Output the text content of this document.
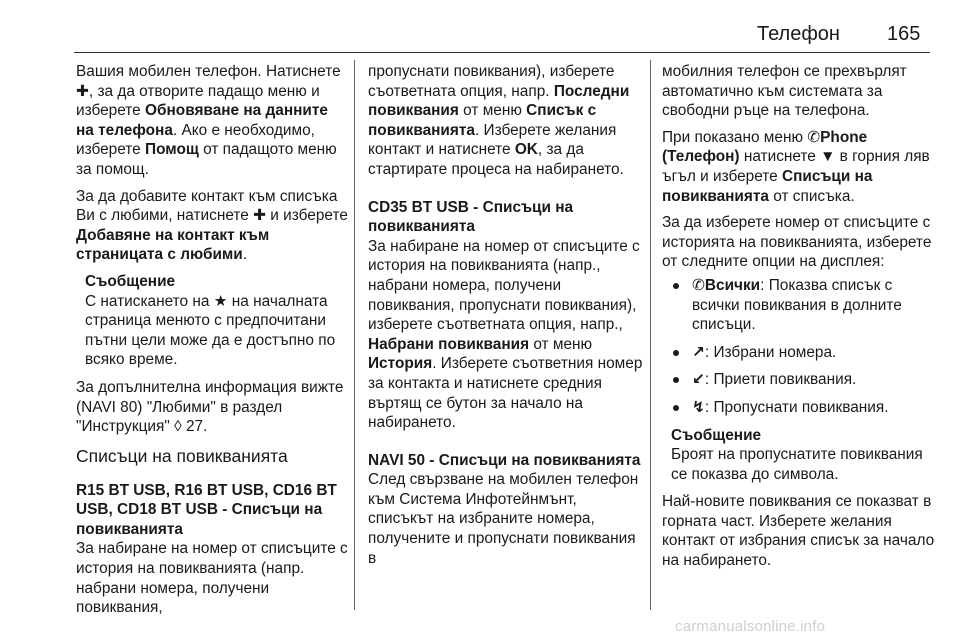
Телефон 165

Вашия мобилен телефон. Натиснете ✚, за да отворите падащо меню и изберете Обновяване на данните на телефона. Ако е необходимо, изберете Помощ от падащото меню за помощ.

За да добавите контакт към списъка Ви с любими, натиснете ✚ и изберете Добавяне на контакт към страницата с любими.

Съобщение
С натискането на ★ на началната страница менюто с предпочитани пътни цели може да е достъпно по всяко време.

За допълнителна информация вижте (NAVI 80) "Любими" в раздел "Инструкция" ◊ 27.

Списъци на повикванията
R15 BT USB, R16 BT USB, CD16 BT USB, CD18 BT USB - Списъци на повикванията

За набиране на номер от списъците с история на повикванията (напр. набрани номера, получени повиквания,

пропуснати повиквания), изберете съответната опция, напр. Последни повиквания от меню Списък с повикванията. Изберете желания контакт и натиснете OK, за да стартирате процеса на набирането.

CD35 BT USB - Списъци на повикванията

За набиране на номер от списъците с история на повикванията (напр., набрани номера, получени повиквания, пропуснати повиквания), изберете съответната опция, напр., Набрани повиквания от меню История. Изберете съответния номер за контакта и натиснете средния въртящ се бутон за начало на набирането.

NAVI 50 - Списъци на повикванията

След свързване на мобилен телефон към Система Инфотейнмънт, списъкът на избраните номера, получените и пропуснати повиквания в

мобилния телефон се прехвърлят автоматично към системата за свободни ръце на телефона.

При показано меню ✆Phone (Телефон) натиснете ▼ в горния ляв ъгъл и изберете Списъци на повикванията от списъка.

За да изберете номер от списъците с историята на повикванията, изберете от следните опции на дисплея:

✆Всички: Показва списък с всички повиквания в долните списъци.
↗: Избрани номера.
↙: Приети повиквания.
↯: Пропуснати повиквания.
Съобщение
Броят на пропуснатите повиквания се показва до символа.

Най-новите повиквания се показват в горната част. Изберете желания контакт от избрания списък за начало на набирането.

carmanualsonline.info
